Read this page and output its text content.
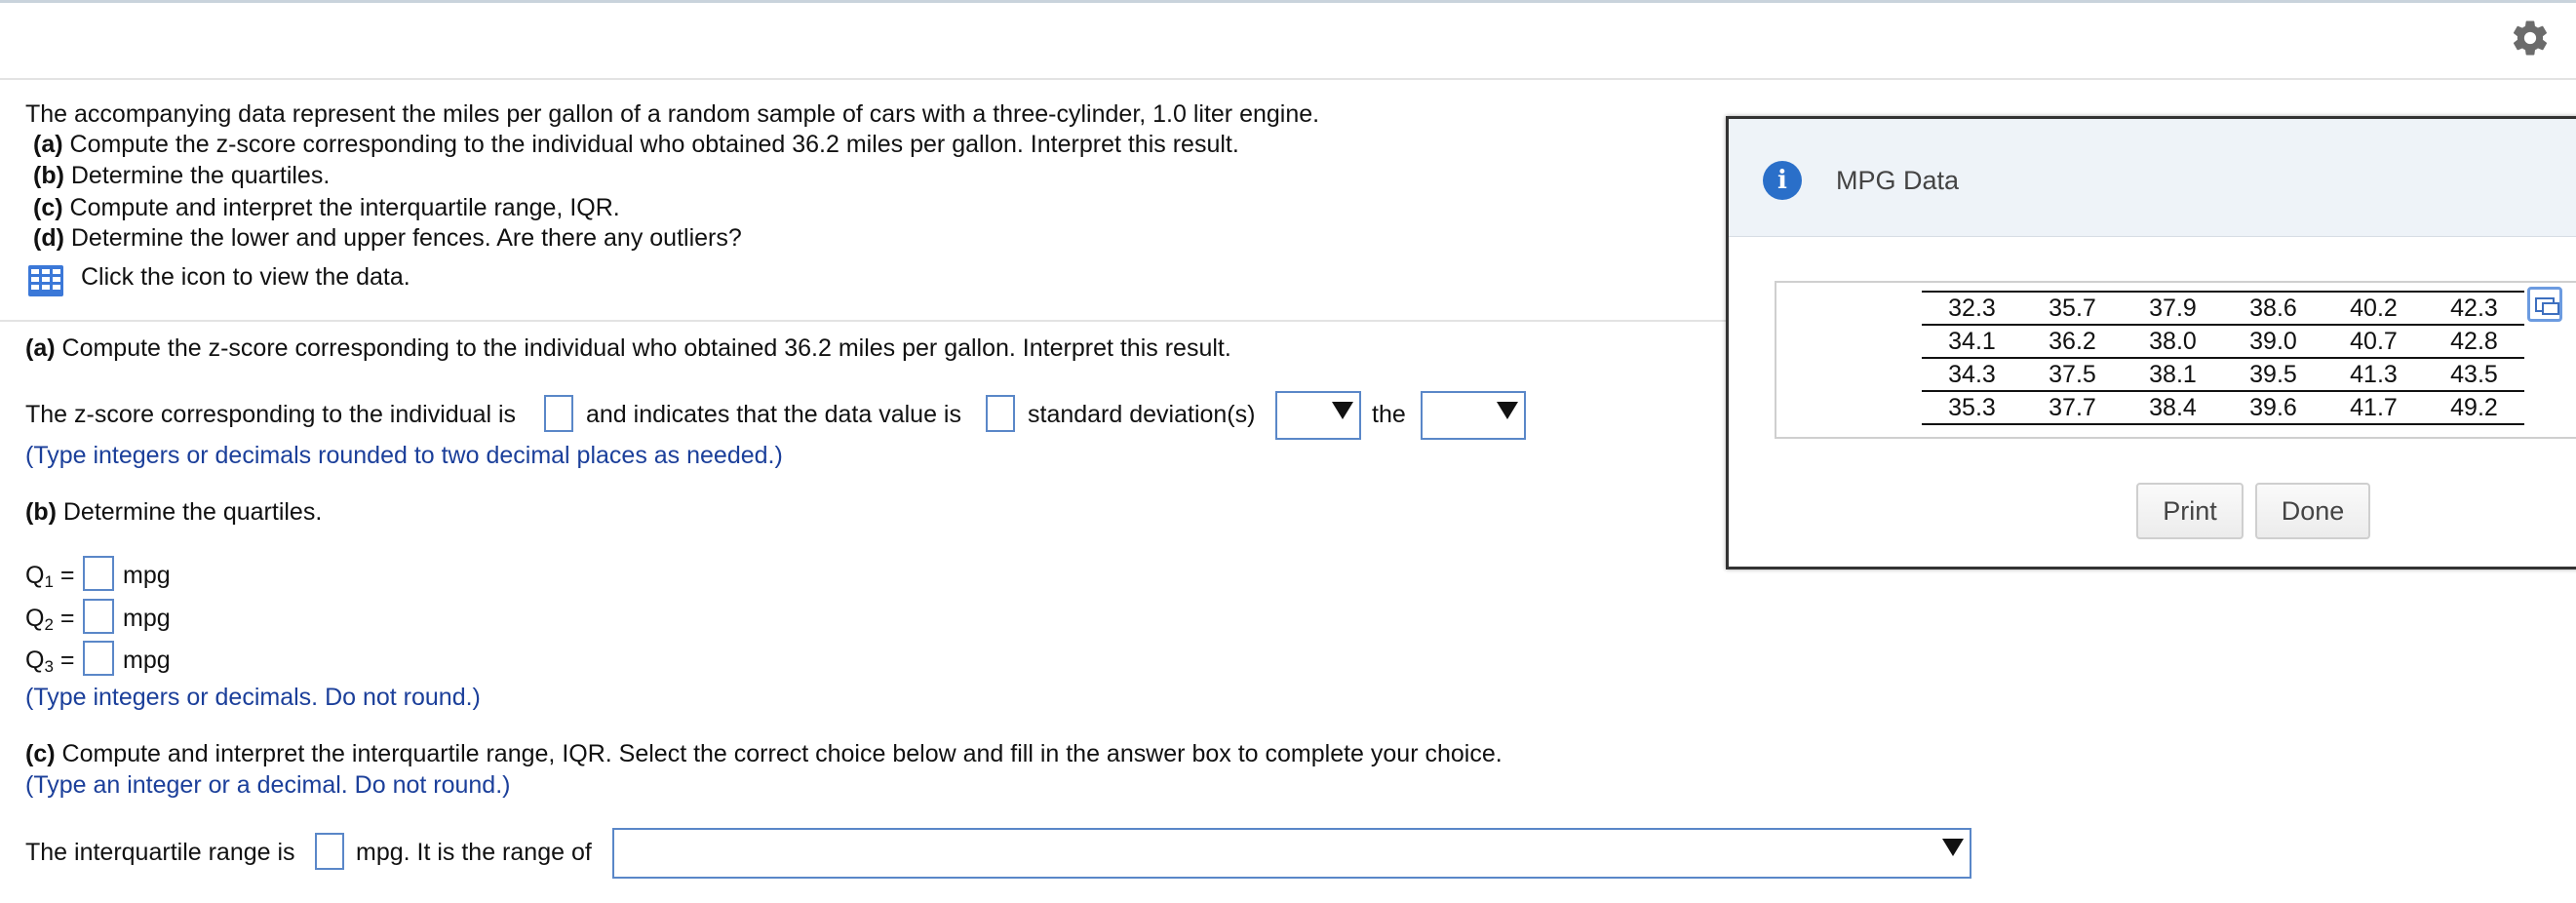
The accompanying data represent the miles per gallon of a random sample of cars with a three-cylinder, 1.0 liter engine.
(a) Compute the z-score corresponding to the individual who obtained 36.2 miles per gallon. Interpret this result.
(b) Determine the quartiles.
(c) Compute and interpret the interquartile range, IQR.
(d) Determine the lower and upper fences. Are there any outliers?
Click the icon to view the data.
(a) Compute the z-score corresponding to the individual who obtained 36.2 miles per gallon. Interpret this result.
The z-score corresponding to the individual is	and indicates that the data value is	standard deviation(s)	the
(Type integers or decimals rounded to two decimal places as needed.)
(b) Determine the quartiles.
$Q_1$ = mpg
$Q_2$ = mpg
$Q_3$ = mpg
(Type integers or decimals. Do not round.)
(c) Compute and interpret the interquartile range, IQR. Select the correct choice below and fill in the answer box to complete your choice.
(Type an integer or a decimal. Do not round.)
The interquartile range is mpg. It is the range of
i	MPG Data
32.3	35.7	37.9	38.6	40.2	42.3
34.1	36.2	38.0	39.0	40.7	42.8
34.3	37.5	38.1	39.5	41.3	43.5
35.3	37.7	38.4	39.6	41.7	49.2
Print	Done
